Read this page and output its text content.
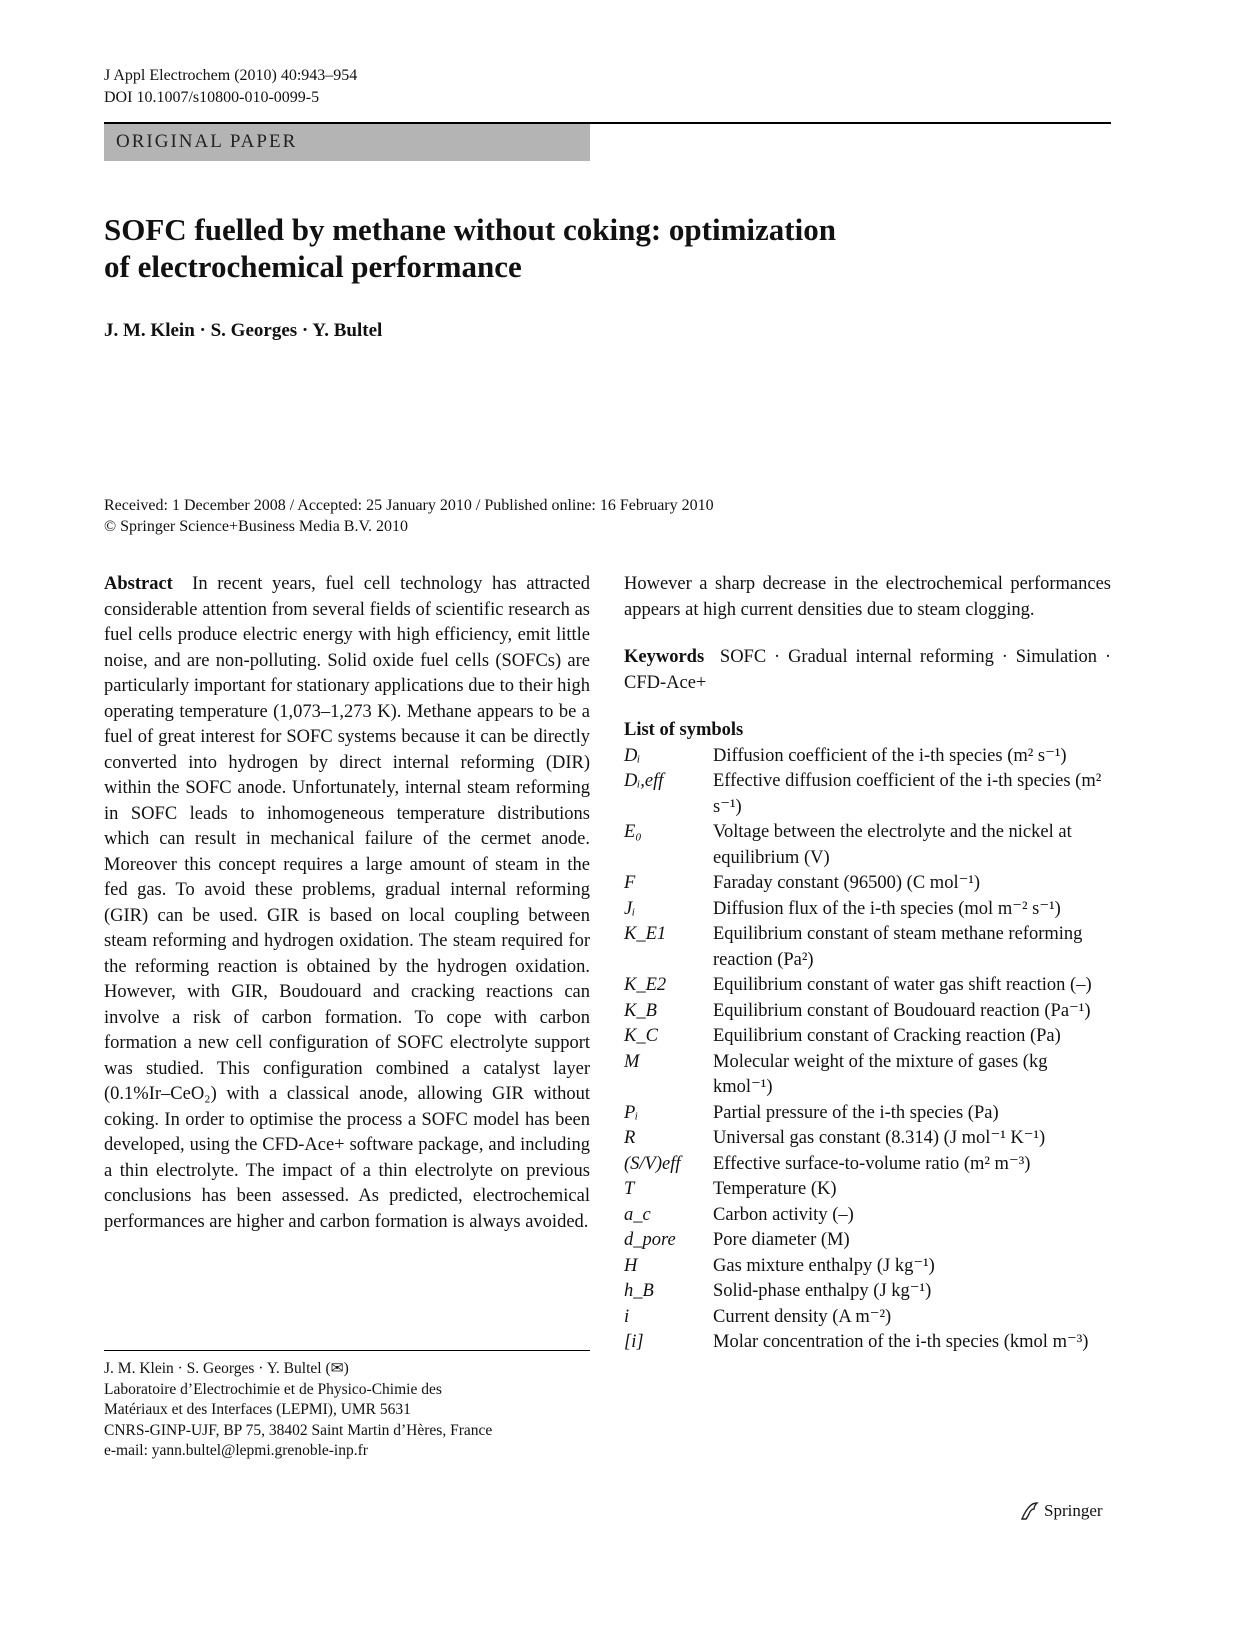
J Appl Electrochem (2010) 40:943–954
DOI 10.1007/s10800-010-0099-5
ORIGINAL PAPER
SOFC fuelled by methane without coking: optimization
of electrochemical performance
J. M. Klein · S. Georges · Y. Bultel
Received: 1 December 2008 / Accepted: 25 January 2010 / Published online: 16 February 2010
© Springer Science+Business Media B.V. 2010
Abstract In recent years, fuel cell technology has attracted considerable attention from several fields of scientific research as fuel cells produce electric energy with high efficiency, emit little noise, and are non-polluting. Solid oxide fuel cells (SOFCs) are particularly important for stationary applications due to their high operating temperature (1,073–1,273 K). Methane appears to be a fuel of great interest for SOFC systems because it can be directly converted into hydrogen by direct internal reforming (DIR) within the SOFC anode. Unfortunately, internal steam reforming in SOFC leads to inhomogeneous temperature distributions which can result in mechanical failure of the cermet anode. Moreover this concept requires a large amount of steam in the fed gas. To avoid these problems, gradual internal reforming (GIR) can be used. GIR is based on local coupling between steam reforming and hydrogen oxidation. The steam required for the reforming reaction is obtained by the hydrogen oxidation. However, with GIR, Boudouard and cracking reactions can involve a risk of carbon formation. To cope with carbon formation a new cell configuration of SOFC electrolyte support was studied. This configuration combined a catalyst layer (0.1%Ir–CeO₂) with a classical anode, allowing GIR without coking. In order to optimise the process a SOFC model has been developed, using the CFD-Ace+ software package, and including a thin electrolyte. The impact of a thin electrolyte on previous conclusions has been assessed. As predicted, electrochemical performances are higher and carbon formation is always avoided.
J. M. Klein · S. Georges · Y. Bultel (✉)
Laboratoire d’Electrochimie et de Physico-Chimie des
Matériaux et des Interfaces (LEPMI), UMR 5631
CNRS-GINP-UJF, BP 75, 38402 Saint Martin d’Hères, France
e-mail: yann.bultel@lepmi.grenoble-inp.fr
However a sharp decrease in the electrochemical performances appears at high current densities due to steam clogging.
Keywords SOFC · Gradual internal reforming · Simulation · CFD-Ace+
List of symbols
Dᵢ	Diffusion coefficient of the i-th species (m² s⁻¹)
Dᵢ,eff	Effective diffusion coefficient of the i-th species (m² s⁻¹)
E₀	Voltage between the electrolyte and the nickel at equilibrium (V)
F	Faraday constant (96500) (C mol⁻¹)
Jᵢ	Diffusion flux of the i-th species (mol m⁻² s⁻¹)
K_E1	Equilibrium constant of steam methane reforming reaction (Pa²)
K_E2	Equilibrium constant of water gas shift reaction (–)
K_B	Equilibrium constant of Boudouard reaction (Pa⁻¹)
K_C	Equilibrium constant of Cracking reaction (Pa)
M	Molecular weight of the mixture of gases (kg kmol⁻¹)
Pᵢ	Partial pressure of the i-th species (Pa)
R	Universal gas constant (8.314) (J mol⁻¹ K⁻¹)
(S/V)eff	Effective surface-to-volume ratio (m² m⁻³)
T	Temperature (K)
a_c	Carbon activity (–)
d_pore	Pore diameter (M)
H	Gas mixture enthalpy (J kg⁻¹)
h_B	Solid-phase enthalpy (J kg⁻¹)
i	Current density (A m⁻²)
[i]	Molar concentration of the i-th species (kmol m⁻³)
Springer
